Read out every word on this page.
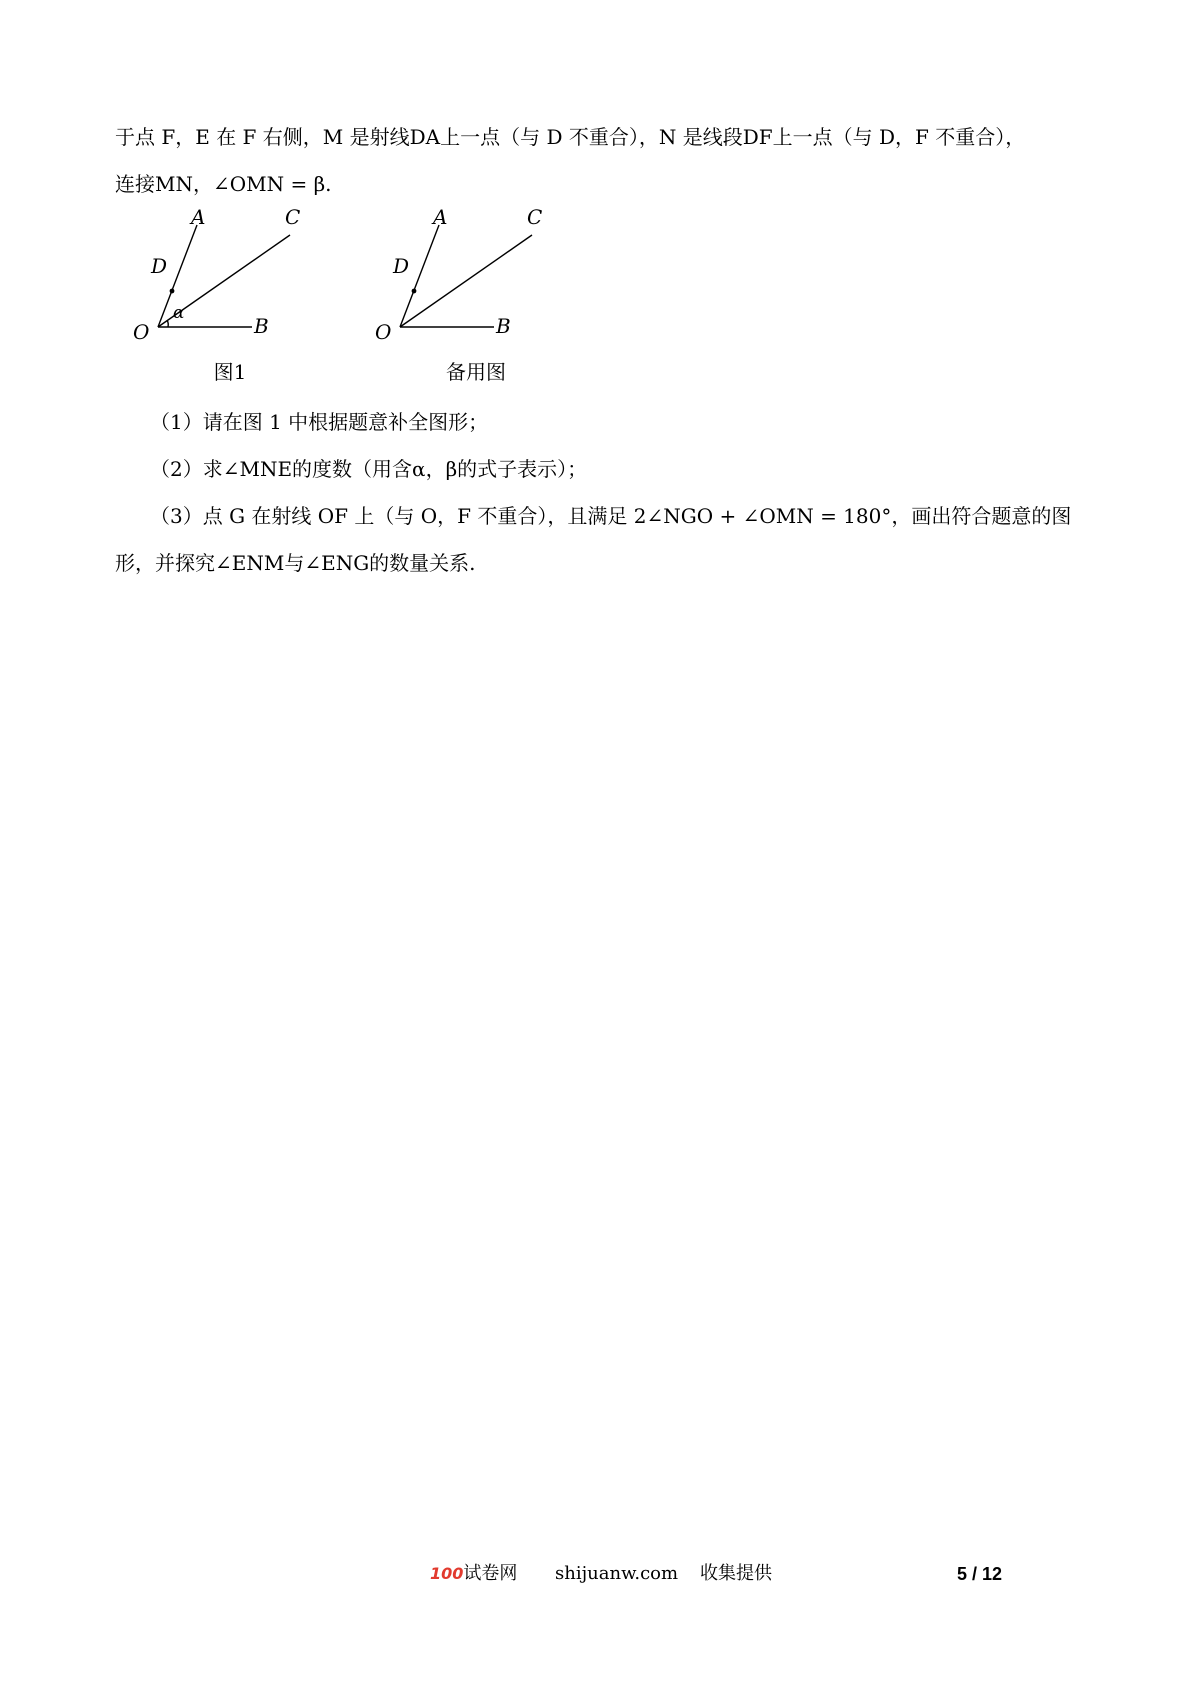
于点 F，E 在 F 右侧，M 是射线DA上一点（与 D 不重合），N 是线段DF上一点（与 D，F 不重合），
连接MN，∠OMN = β.
A	C
D
O	B
α
图1
A	C
D
O	B
备用图
（1）请在图 1 中根据题意补全图形；
（2）求∠MNE的度数（用含α，β的式子表示）；
（3）点 G 在射线 OF 上（与 O，F 不重合），且满足 2∠NGO + ∠OMN = 180°，画出符合题意的图
形，并探究∠ENM与∠ENG的数量关系.
100试卷网 shijuanw.com 收集提供	5 / 12
